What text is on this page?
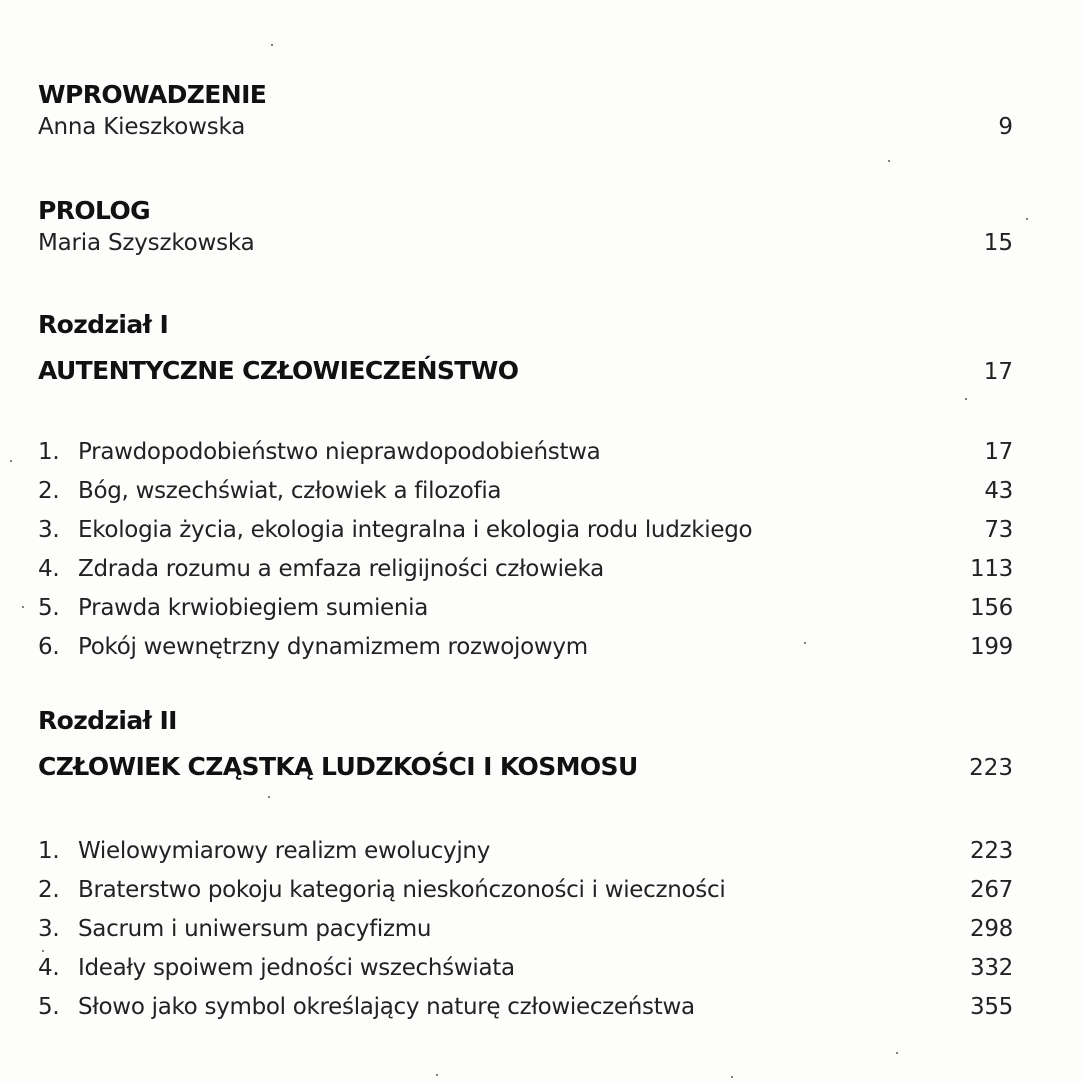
WPROWADZENIE
Anna Kieszkowska	9
PROLOG
Maria Szyszkowska	15
Rozdział I
AUTENTYCZNE CZŁOWIECZEŃSTWO	17
1. Prawdopodobieństwo nieprawdopodobieństwa	17
2. Bóg, wszechświat, człowiek a filozofia	43
3. Ekologia życia, ekologia integralna i ekologia rodu ludzkiego	73
4. Zdrada rozumu a emfaza religijności człowieka	113
5. Prawda krwiobiegiem sumienia	156
6. Pokój wewnętrzny dynamizmem rozwojowym	199
Rozdział II
CZŁOWIEK CZĄSTKĄ LUDZKOŚCI I KOSMOSU	223
1. Wielowymiarowy realizm ewolucyjny	223
2. Braterstwo pokoju kategorią nieskończoności i wieczności	267
3. Sacrum i uniwersum pacyfizmu	298
4. Ideały spoiwem jedności wszechświata	332
5. Słowo jako symbol określający naturę człowieczeństwa	355
